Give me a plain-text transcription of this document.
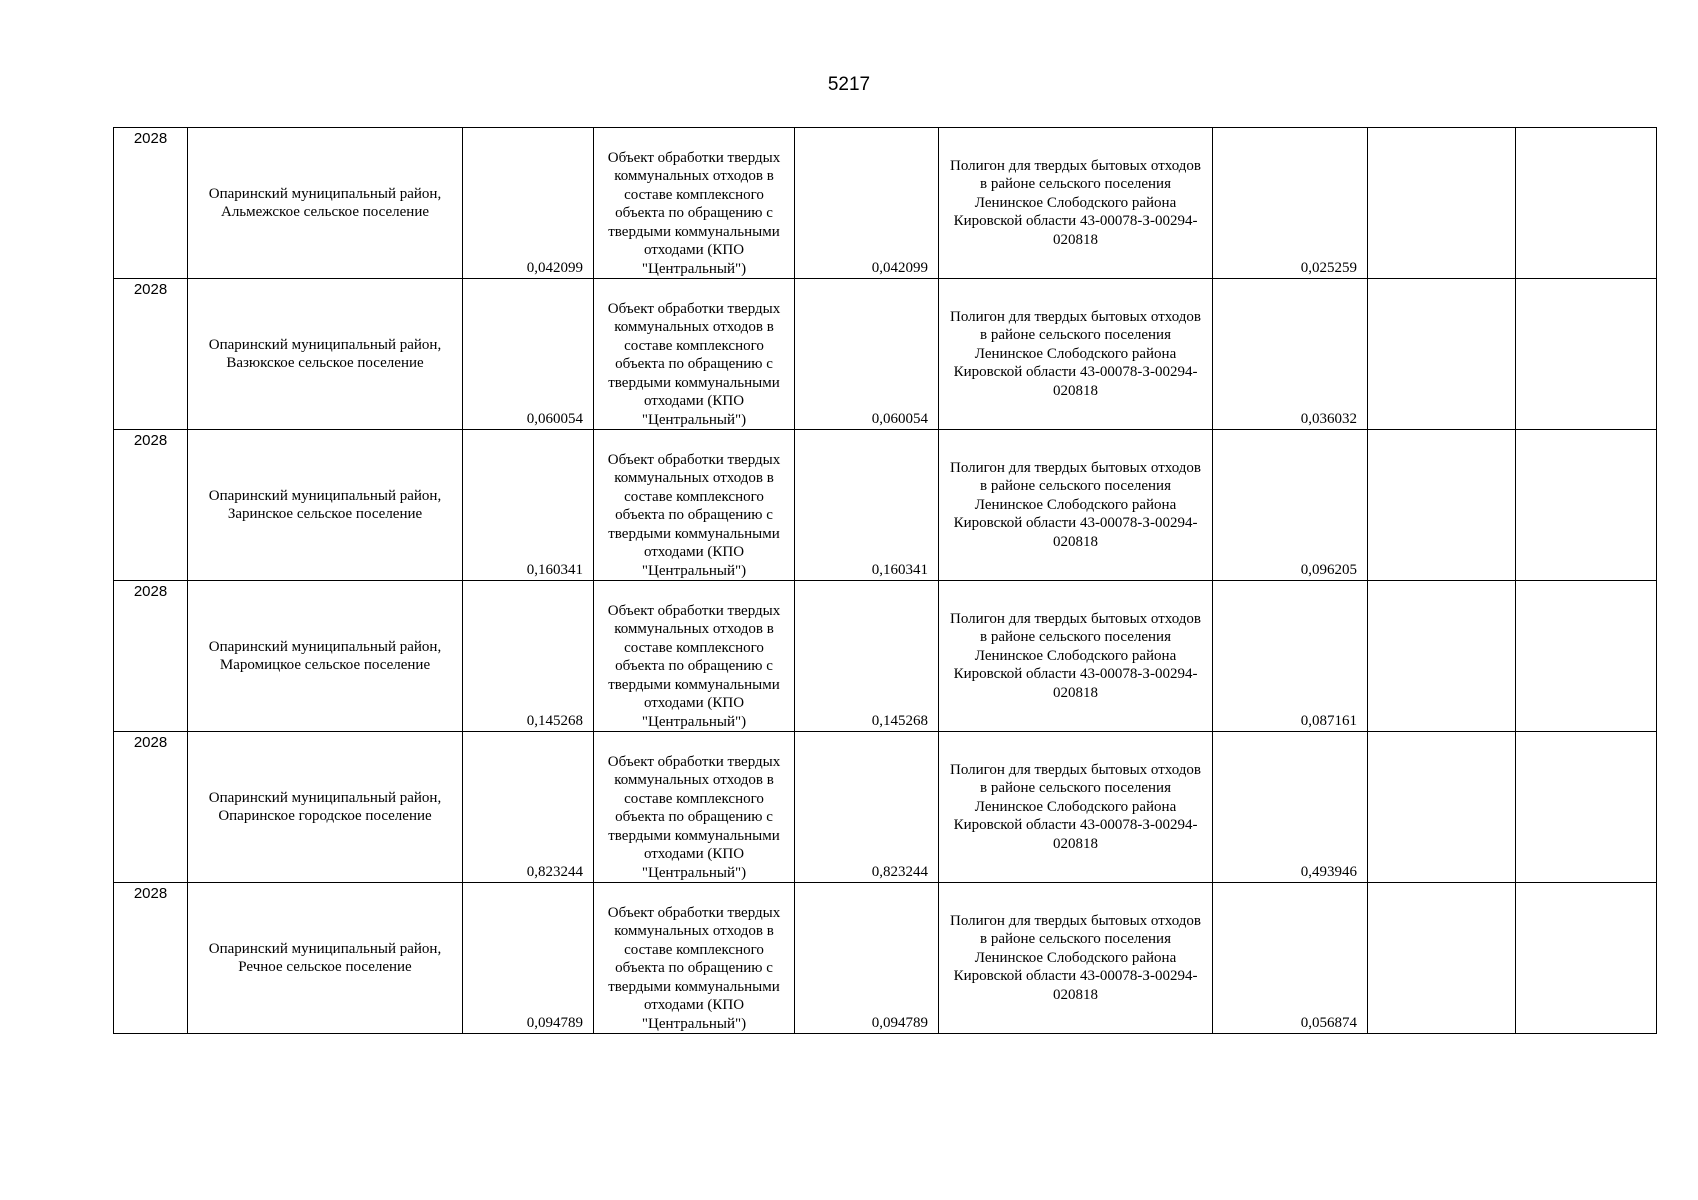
5217
2028	Опаринский муниципальный район, Альмежское сельское поселение	0,042099	Объект обработки твердых коммунальных отходов в составе комплексного объекта по обращению с твердыми коммунальными отходами (КПО "Центральный")	0,042099	Полигон для твердых бытовых отходов в районе сельского поселения Ленинское Слободского района Кировской области 43-00078-З-00294-020818	0,025259		
2028	Опаринский муниципальный район, Вазюкское сельское поселение	0,060054	Объект обработки твердых коммунальных отходов в составе комплексного объекта по обращению с твердыми коммунальными отходами (КПО "Центральный")	0,060054	Полигон для твердых бытовых отходов в районе сельского поселения Ленинское Слободского района Кировской области 43-00078-З-00294-020818	0,036032		
2028	Опаринский муниципальный район, Заринское сельское поселение	0,160341	Объект обработки твердых коммунальных отходов в составе комплексного объекта по обращению с твердыми коммунальными отходами (КПО "Центральный")	0,160341	Полигон для твердых бытовых отходов в районе сельского поселения Ленинское Слободского района Кировской области 43-00078-З-00294-020818	0,096205		
2028	Опаринский муниципальный район, Маромицкое сельское поселение	0,145268	Объект обработки твердых коммунальных отходов в составе комплексного объекта по обращению с твердыми коммунальными отходами (КПО "Центральный")	0,145268	Полигон для твердых бытовых отходов в районе сельского поселения Ленинское Слободского района Кировской области 43-00078-З-00294-020818	0,087161		
2028	Опаринский муниципальный район, Опаринское городское поселение	0,823244	Объект обработки твердых коммунальных отходов в составе комплексного объекта по обращению с твердыми коммунальными отходами (КПО "Центральный")	0,823244	Полигон для твердых бытовых отходов в районе сельского поселения Ленинское Слободского района Кировской области 43-00078-З-00294-020818	0,493946		
2028	Опаринский муниципальный район, Речное сельское поселение	0,094789	Объект обработки твердых коммунальных отходов в составе комплексного объекта по обращению с твердыми коммунальными отходами (КПО "Центральный")	0,094789	Полигон для твердых бытовых отходов в районе сельского поселения Ленинское Слободского района Кировской области 43-00078-З-00294-020818	0,056874		
